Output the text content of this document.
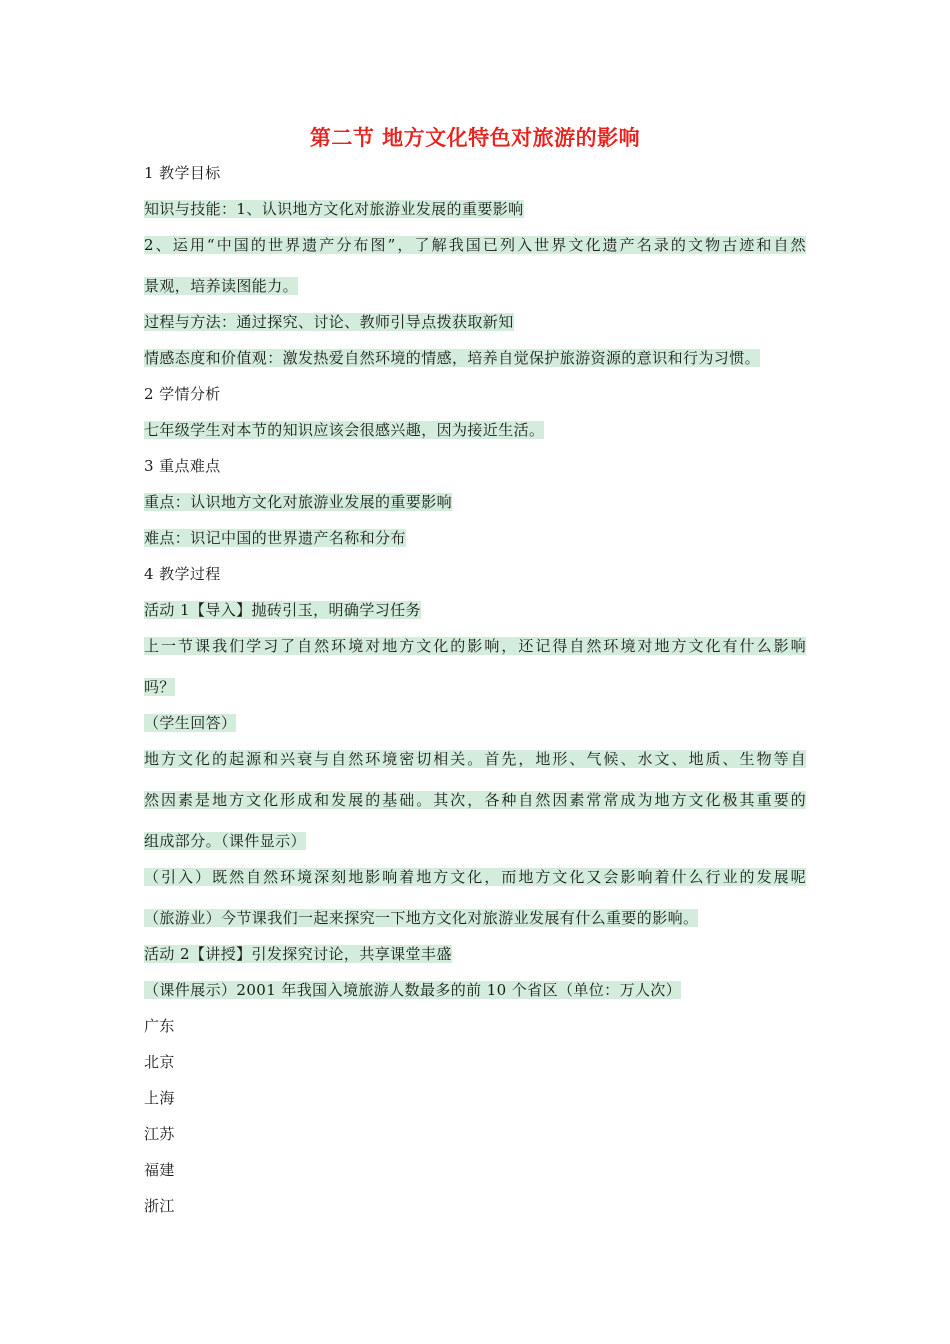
第二节 地方文化特色对旅游的影响
1 教学目标
知识与技能：1、认识地方文化对旅游业发展的重要影响
2、运用“中国的世界遗产分布图”，了解我国已列入世界文化遗产名录的文物古迹和自然
景观，培养读图能力。
过程与方法：通过探究、讨论、教师引导点拨获取新知
情感态度和价值观：激发热爱自然环境的情感，培养自觉保护旅游资源的意识和行为习惯。
2 学情分析
七年级学生对本节的知识应该会很感兴趣，因为接近生活。
3 重点难点
重点：认识地方文化对旅游业发展的重要影响
难点：识记中国的世界遗产名称和分布
4 教学过程
活动 1【导入】抛砖引玉，明确学习任务
上一节课我们学习了自然环境对地方文化的影响，还记得自然环境对地方文化有什么影响
吗？
（学生回答）
地方文化的起源和兴衰与自然环境密切相关。首先，地形、气候、水文、地质、生物等自
然因素是地方文化形成和发展的基础。其次，各种自然因素常常成为地方文化极其重要的
组成部分。（课件显示）
（引入）既然自然环境深刻地影响着地方文化，而地方文化又会影响着什么行业的发展呢
（旅游业）今节课我们一起来探究一下地方文化对旅游业发展有什么重要的影响。
活动 2【讲授】引发探究讨论，共享课堂丰盛
（课件展示）2001 年我国入境旅游人数最多的前 10 个省区（单位：万人次）
广东
北京
上海
江苏
福建
浙江
